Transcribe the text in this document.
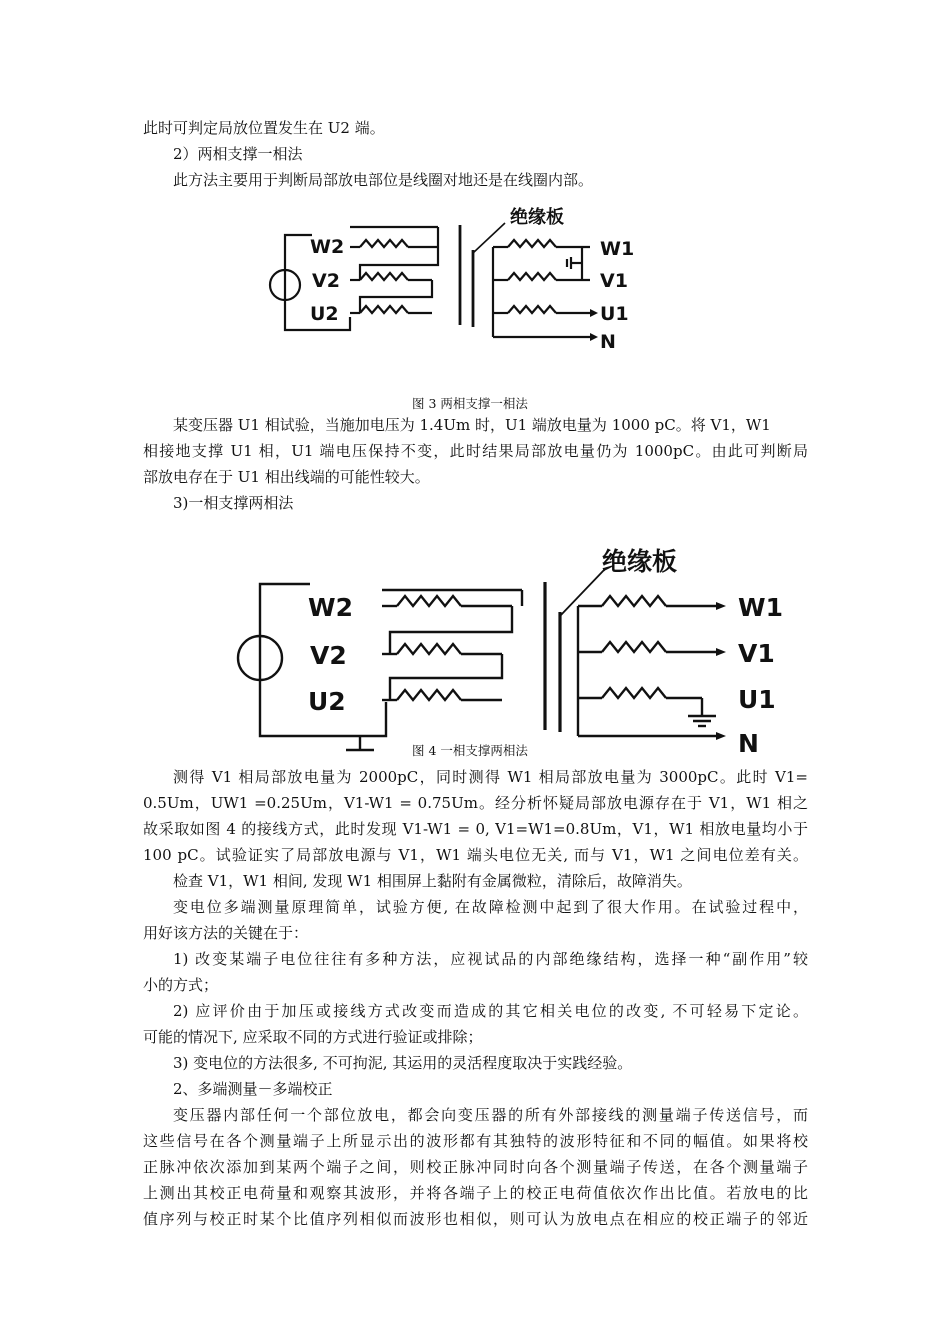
此时可判定局放位置发生在 U2 端。
2）两相支撑一相法
此方法主要用于判断局部放电部位是线圈对地还是在线圈内部。
W2
V2
U2
绝缘板
W1
V1
U1
N
图 3 两相支撑一相法
某变压器 U1 相试验，当施加电压为 1.4Um 时，U1 端放电量为 1000 pC。将 V1，W1
相接地支撑 U1 相，U1 端电压保持不变，此时结果局部放电量仍为 1000pC。由此可判断局
部放电存在于 U1 相出线端的可能性较大。
3)一相支撑两相法
W2
V2
U2
绝缘板
W1
V1
U1
N
图 4 一相支撑两相法
测得 V1 相局部放电量为 2000pC，同时测得 W1 相局部放电量为 3000pC。此时 V1=
0.5Um，UW1 =0.25Um，V1-W1 = 0.75Um。经分析怀疑局部放电源存在于 V1，W1 相之
故采取如图 4 的接线方式，此时发现 V1-W1 = 0, V1=W1=0.8Um，V1，W1 相放电量均小于
100 pC。试验证实了局部放电源与 V1，W1 端头电位无关, 而与 V1，W1 之间电位差有关。
检查 V1，W1 相间, 发现 W1 相围屏上黏附有金属微粒，清除后，故障消失。
变电位多端测量原理简单，试验方便, 在故障检测中起到了很大作用。在试验过程中，
用好该方法的关键在于：
1) 改变某端子电位往往有多种方法，应视试品的内部绝缘结构，选择一种“副作用”较
小的方式；
2) 应评价由于加压或接线方式改变而造成的其它相关电位的改变, 不可轻易下定论。
可能的情况下, 应采取不同的方式进行验证或排除；
3) 变电位的方法很多, 不可拘泥, 其运用的灵活程度取决于实践经验。
2、多端测量－多端校正
变压器内部任何一个部位放电，都会向变压器的所有外部接线的测量端子传送信号，而
这些信号在各个测量端子上所显示出的波形都有其独特的波形特征和不同的幅值。如果将校
正脉冲依次添加到某两个端子之间，则校正脉冲同时向各个测量端子传送，在各个测量端子
上测出其校正电荷量和观察其波形，并将各端子上的校正电荷值依次作出比值。若放电的比
值序列与校正时某个比值序列相似而波形也相似，则可认为放电点在相应的校正端子的邻近
